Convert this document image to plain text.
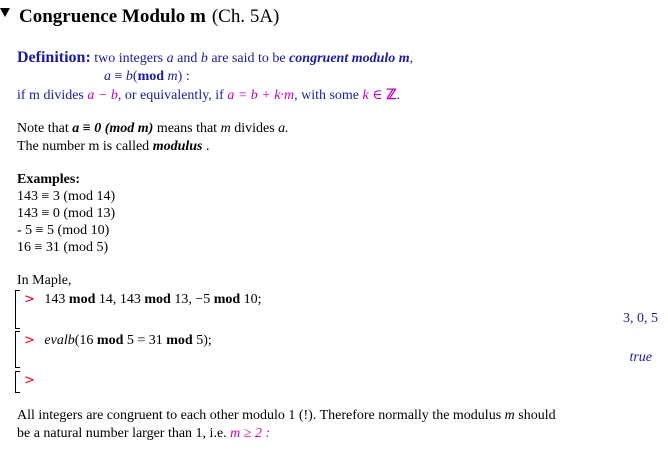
Congruence Modulo m (Ch. 5A)
Definition: two integers a and b are said to be congruent modulo m,
a ≡ b(mod m) :
if m divides a − b, or equivalently, if a = b + k·m, with some k ∈ ℤ.
Note that a ≡ 0 (mod m) means that m divides a.
The number m is called modulus .
Examples:
143 ≡ 3 (mod 14)
143 ≡ 0 (mod 13)
- 5 ≡ 5 (mod 10)
16 ≡ 31 (mod 5)
In Maple,
> 143 mod 14, 143 mod 13, −5 mod 10;
3, 0, 5
> evalb(16 mod 5 = 31 mod 5);
true
>
All integers are congruent to each other modulo 1 (!). Therefore normally the modulus m should
be a natural number larger than 1, i.e. m ≥ 2 :
